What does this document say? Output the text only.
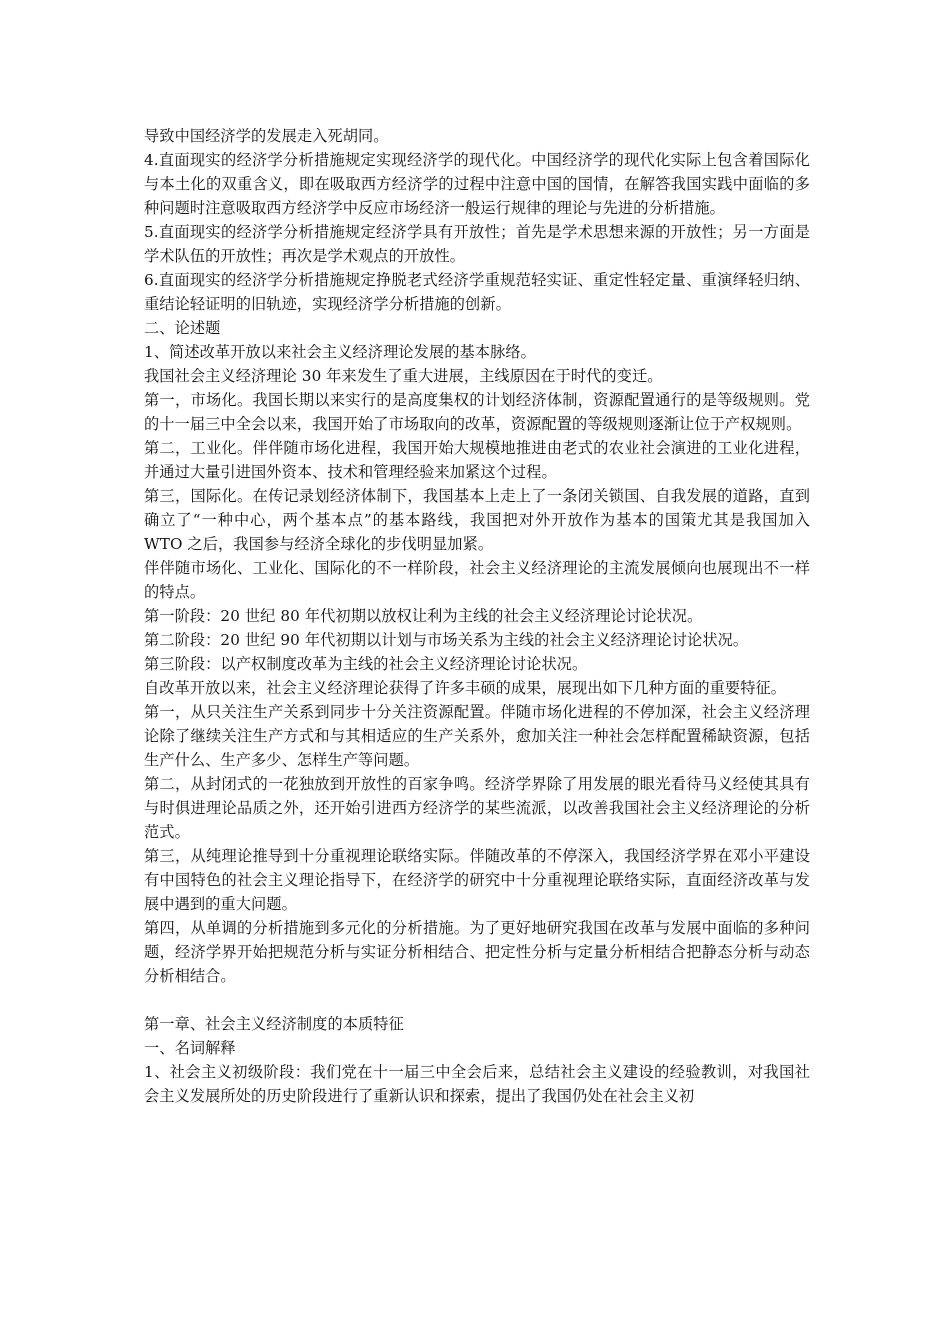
导致中国经济学的发展走入死胡同。

4.直面现实的经济学分析措施规定实现经济学的现代化。中国经济学的现代化实际上包含着国际化与本土化的双重含义，即在吸取西方经济学的过程中注意中国的国情，在解答我国实践中面临的多种问题时注意吸取西方经济学中反应市场经济一般运行规律的理论与先进的分析措施。

5.直面现实的经济学分析措施规定经济学具有开放性；首先是学术思想来源的开放性；另一方面是学术队伍的开放性；再次是学术观点的开放性。

6.直面现实的经济学分析措施规定挣脱老式经济学重规范轻实证、重定性轻定量、重演绎轻归纳、重结论轻证明的旧轨迹，实现经济学分析措施的创新。

二、论述题

1、简述改革开放以来社会主义经济理论发展的基本脉络。

我国社会主义经济理论 30 年来发生了重大进展，主线原因在于时代的变迁。

第一，市场化。我国长期以来实行的是高度集权的计划经济体制，资源配置通行的是等级规则。党的十一届三中全会以来，我国开始了市场取向的改革，资源配置的等级规则逐渐让位于产权规则。

第二，工业化。伴伴随市场化进程，我国开始大规模地推进由老式的农业社会演进的工业化进程，并通过大量引进国外资本、技术和管理经验来加紧这个过程。

第三，国际化。在传记录划经济体制下，我国基本上走上了一条闭关锁国、自我发展的道路，直到确立了“一种中心，两个基本点”的基本路线，我国把对外开放作为基本的国策尤其是我国加入 WTO 之后，我国参与经济全球化的步伐明显加紧。

伴伴随市场化、工业化、国际化的不一样阶段，社会主义经济理论的主流发展倾向也展现出不一样的特点。

第一阶段：20 世纪 80 年代初期以放权让利为主线的社会主义经济理论讨论状况。

第二阶段：20 世纪 90 年代初期以计划与市场关系为主线的社会主义经济理论讨论状况。

第三阶段：以产权制度改革为主线的社会主义经济理论讨论状况。

自改革开放以来，社会主义经济理论获得了许多丰硕的成果，展现出如下几种方面的重要特征。

第一，从只关注生产关系到同步十分关注资源配置。伴随市场化进程的不停加深，社会主义经济理论除了继续关注生产方式和与其相适应的生产关系外，愈加关注一种社会怎样配置稀缺资源，包括生产什么、生产多少、怎样生产等问题。

第二，从封闭式的一花独放到开放性的百家争鸣。经济学界除了用发展的眼光看待马义经使其具有与时俱进理论品质之外，还开始引进西方经济学的某些流派，以改善我国社会主义经济理论的分析范式。

第三，从纯理论推导到十分重视理论联络实际。伴随改革的不停深入，我国经济学界在邓小平建设有中国特色的社会主义理论指导下，在经济学的研究中十分重视理论联络实际，直面经济改革与发展中遇到的重大问题。

第四，从单调的分析措施到多元化的分析措施。为了更好地研究我国在改革与发展中面临的多种问题，经济学界开始把规范分析与实证分析相结合、把定性分析与定量分析相结合把静态分析与动态分析相结合。

第一章、社会主义经济制度的本质特征

一、名词解释

1、社会主义初级阶段：我们党在十一届三中全会后来，总结社会主义建设的经验教训，对我国社会主义发展所处的历史阶段进行了重新认识和探索，提出了我国仍处在社会主义初
